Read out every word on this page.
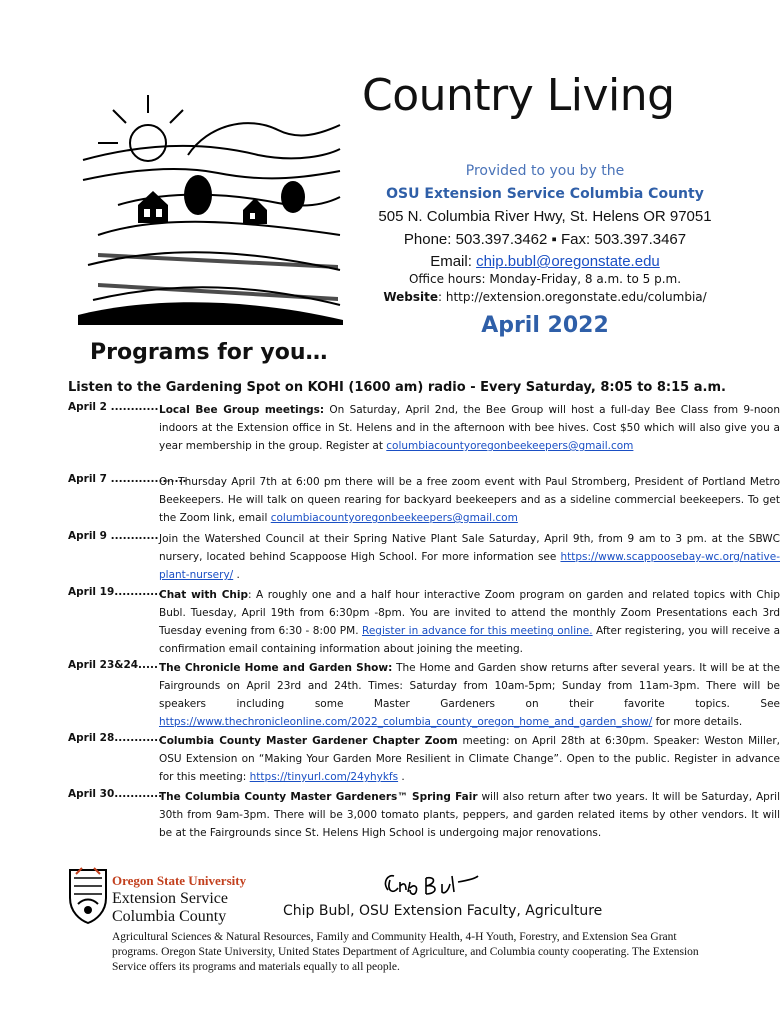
Country Living
Provided to you by the
OSU Extension Service Columbia County
505 N. Columbia River Hwy, St. Helens OR 97051
Phone: 503.397.3462 ▪ Fax: 503.397.3467
Email: chip.bubl@oregonstate.edu
Office hours: Monday-Friday, 8 a.m. to 5 p.m.
Website: http://extension.oregonstate.edu/columbia/
April 2022
Programs for you…
Listen to the Gardening Spot on KOHI (1600 am) radio - Every Saturday, 8:05 to 8:15 a.m.
April 2 ............ Local Bee Group meetings: On Saturday, April 2nd, the Bee Group will host a full-day Bee Class from 9-noon indoors at the Extension office in St. Helens and in the afternoon with bee hives. Cost $50 which will also give you a year membership in the group. Register at columbiacountyoregonbeekeepers@gmail.com
April 7 ...................
On Thursday April 7th at 6:00 pm there will be a free zoom event with Paul Stromberg, President of Portland Metro Beekeepers. He will talk on queen rearing for backyard beekeepers and as a sideline commercial beekeepers. To get the Zoom link, email columbiacountyoregonbeekeepers@gmail.com
April 9 ............ Join the Watershed Council at their Spring Native Plant Sale Saturday, April 9th, from 9 am to 3 pm. at the SBWC nursery, located behind Scappoose High School. For more information see https://www.scappoosebay-wc.org/native-plant-nursery/ .
April 19............
Chat with Chip: A roughly one and a half hour interactive Zoom program on garden and related topics with Chip Bubl. Tuesday, April 19th from 6:30pm -8pm. You are invited to attend the monthly Zoom Presentations each 3rd Tuesday evening from 6:30 - 8:00 PM. Register in advance for this meeting online. After registering, you will receive a confirmation email containing information about joining the meeting.
April 23&24..... The Chronicle Home and Garden Show: The Home and Garden show returns after several years. It will be at the Fairgrounds on April 23rd and 24th. Times: Saturday from 10am-5pm; Sunday from 11am-3pm. There will be speakers including some Master Gardeners on their favorite topics. See https://www.thechronicleonline.com/2022_columbia_county_oregon_home_and_garden_show/ for more details.
April 28............
Columbia County Master Gardener Chapter Zoom meeting: on April 28th at 6:30pm. Speaker: Weston Miller, OSU Extension on “Making Your Garden More Resilient in Climate Change”. Open to the public. Register in advance for this meeting: https://tinyurl.com/24yhykfs .
April 30............
The Columbia County Master Gardeners™ Spring Fair will also return after two years. It will be Saturday, April 30th from 9am-3pm. There will be 3,000 tomato plants, peppers, and garden related items by other vendors. It will be at the Fairgrounds since St. Helens High School is undergoing major renovations.
Oregon State University
Extension Service
Columbia County	Chip Bubl, OSU Extension Faculty, Agriculture
Agricultural Sciences & Natural Resources, Family and Community Health, 4-H Youth, Forestry, and Extension Sea Grant programs. Oregon State University, United States Department of Agriculture, and Columbia county cooperating. The Extension Service offers its programs and materials equally to all people.
